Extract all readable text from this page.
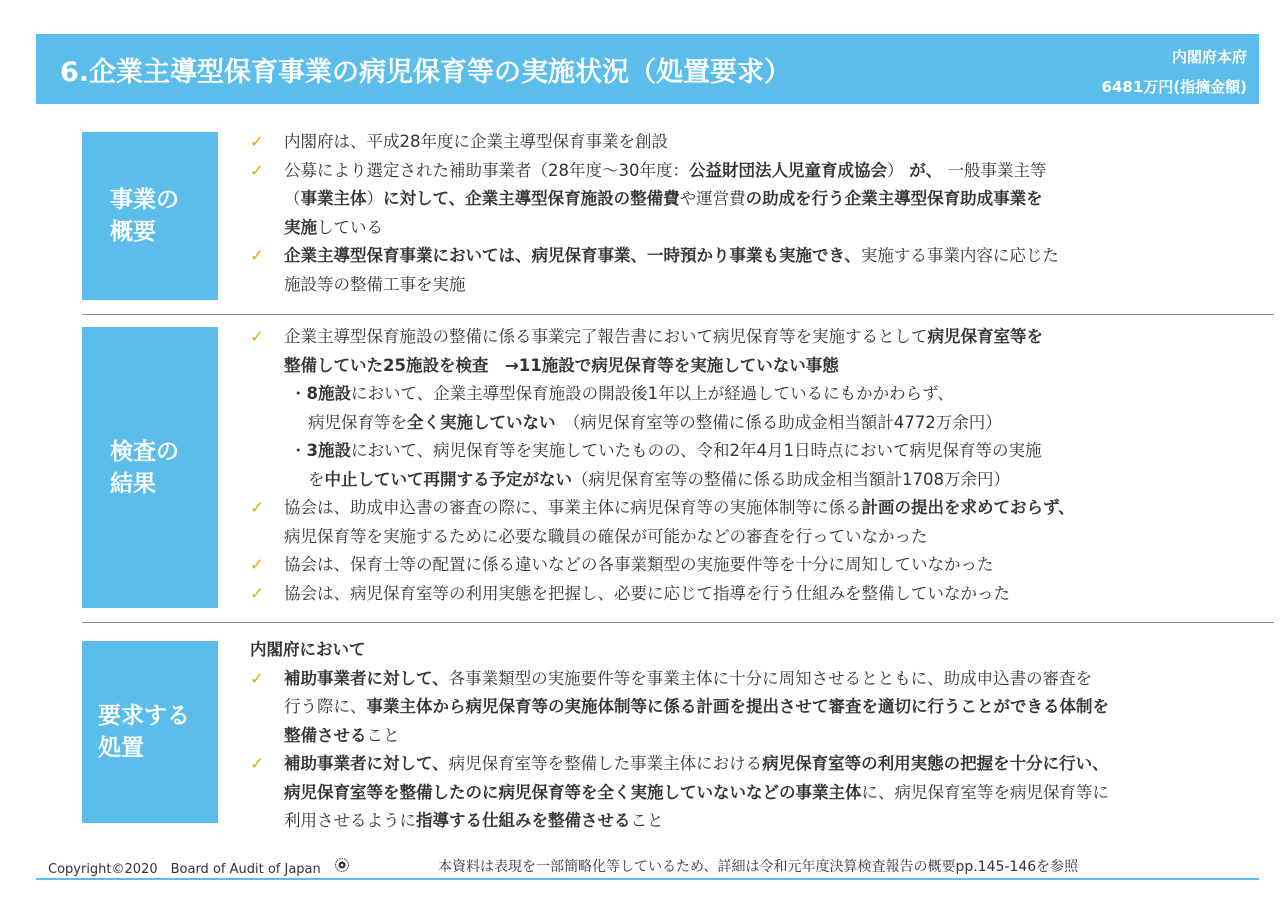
6.企業主導型保育事業の病児保育等の実施状況（処置要求）	内閣府本府
6481万円(指摘金額)
事業の
概要
✓ 内閣府は、平成28年度に企業主導型保育事業を創設
✓ 公募により選定された補助事業者（28年度～30年度：公益財団法人児童育成協会） が、 一般事業主等
（事業主体）に対して、企業主導型保育施設の整備費や運営費の助成を行う企業主導型保育助成事業を
実施している
✓ 企業主導型保育事業においては、病児保育事業、一時預かり事業も実施でき、実施する事業内容に応じた
施設等の整備工事を実施
検査の
結果
✓ 企業主導型保育施設の整備に係る事業完了報告書において病児保育等を実施するとして病児保育室等を
整備していた25施設を検査　→11施設で病児保育等を実施していない事態
・8施設において、企業主導型保育施設の開設後1年以上が経過しているにもかかわらず、
病児保育等を全く実施していない　（病児保育室等の整備に係る助成金相当額計4772万余円）
・3施設において、病児保育等を実施していたものの、令和2年4月1日時点において病児保育等の実施
を中止していて再開する予定がない（病児保育室等の整備に係る助成金相当額計1708万余円）
✓ 協会は、助成申込書の審査の際に、事業主体に病児保育等の実施体制等に係る計画の提出を求めておらず、
病児保育等を実施するために必要な職員の確保が可能かなどの審査を行っていなかった
✓ 協会は、保育士等の配置に係る違いなどの各事業類型の実施要件等を十分に周知していなかった
✓ 協会は、病児保育室等の利用実態を把握し、必要に応じて指導を行う仕組みを整備していなかった
要求する
処置
内閣府において
✓ 補助事業者に対して、各事業類型の実施要件等を事業主体に十分に周知させるとともに、助成申込書の審査を
行う際に、事業主体から病児保育等の実施体制等に係る計画を提出させて審査を適切に行うことができる体制を
整備させること
✓ 補助事業者に対して、病児保育室等を整備した事業主体における病児保育室等の利用実態の把握を十分に行い、
病児保育室等を整備したのに病児保育等を全く実施していないなどの事業主体に、病児保育室等を病児保育等に
利用させるように指導する仕組みを整備させること
Copyright©2020　Board of Audit of Japan	本資料は表現を一部簡略化等しているため、詳細は令和元年度決算検査報告の概要pp.145-146を参照
